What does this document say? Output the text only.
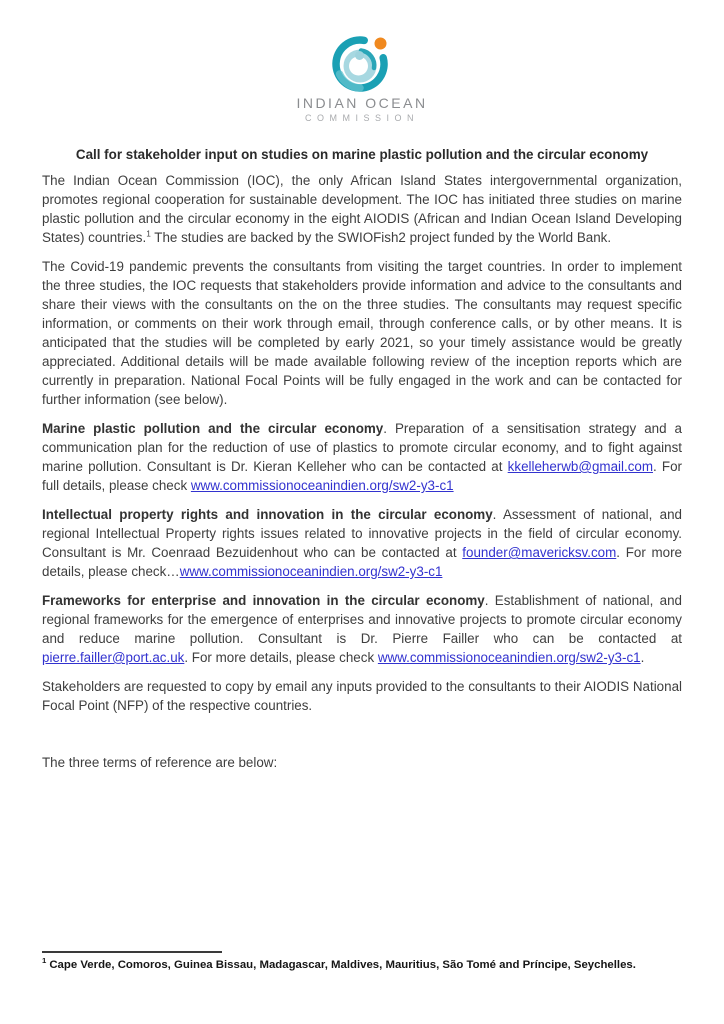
INDIAN OCEAN
COMMISSION
Call for stakeholder input on studies on marine plastic pollution and the circular economy

The Indian Ocean Commission (IOC), the only African Island States intergovernmental organization, promotes regional cooperation for sustainable development. The IOC has initiated three studies on marine plastic pollution and the circular economy in the eight AIODIS (African and Indian Ocean Island Developing States) countries.$^1$ The studies are backed by the SWIOFish2 project funded by the World Bank.

The Covid-19 pandemic prevents the consultants from visiting the target countries. In order to implement the three studies, the IOC requests that stakeholders provide information and advice to the consultants and share their views with the consultants on the on the three studies. The consultants may request specific information, or comments on their work through email, through conference calls, or by other means. It is anticipated that the studies will be completed by early 2021, so your timely assistance would be greatly appreciated. Additional details will be made available following review of the inception reports which are currently in preparation. National Focal Points will be fully engaged in the work and can be contacted for further information (see below).

Marine plastic pollution and the circular economy. Preparation of a sensitisation strategy and a communication plan for the reduction of use of plastics to promote circular economy, and to fight against marine pollution. Consultant is Dr. Kieran Kelleher who can be contacted at kkelleherwb@gmail.com. For full details, please check www.commissionoceanindien.org/sw2-y3-c1

Intellectual property rights and innovation in the circular economy. Assessment of national, and regional Intellectual Property rights issues related to innovative projects in the field of circular economy. Consultant is Mr. Coenraad Bezuidenhout who can be contacted at founder@mavericksv.com. For more details, please check…www.commissionoceanindien.org/sw2-y3-c1

Frameworks for enterprise and innovation in the circular economy. Establishment of national, and regional frameworks for the emergence of enterprises and innovative projects to promote circular economy and reduce marine pollution. Consultant is Dr. Pierre Failler who can be contacted at pierre.failler@port.ac.uk. For more details, please check www.commissionoceanindien.org/sw2-y3-c1.

Stakeholders are requested to copy by email any inputs provided to the consultants to their AIODIS National Focal Point (NFP) of the respective countries.

The three terms of reference are below:

$^1$ Cape Verde, Comoros, Guinea Bissau, Madagascar, Maldives, Mauritius, São Tomé and Príncipe, Seychelles.
